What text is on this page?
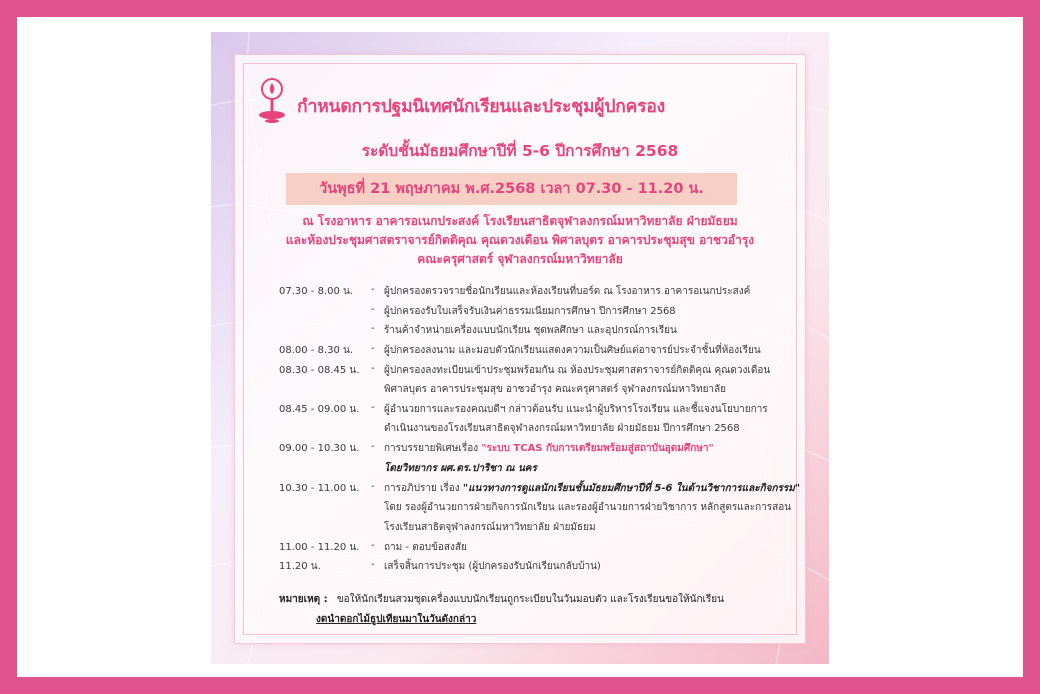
กำหนดการปฐมนิเทศนักเรียนและประชุมผู้ปกครอง
ระดับชั้นมัธยมศึกษาปีที่ 5-6 ปีการศึกษา 2568
วันพุธที่ 21 พฤษภาคม พ.ศ.2568 เวลา 07.30 - 11.20 น.
ณ โรงอาหาร อาคารอเนกประสงค์ โรงเรียนสาธิตจุฬาลงกรณ์มหาวิทยาลัย ฝ่ายมัธยม
และห้องประชุมศาสตราจารย์กิตติคุณ คุณดวงเดือน พิศาลบุตร อาคารประชุมสุข อาชวอำรุง
คณะครุศาสตร์ จุฬาลงกรณ์มหาวิทยาลัย
07.30 - 8.00 น. - ผู้ปกครองตรวจรายชื่อนักเรียนและห้องเรียนที่บอร์ด ณ โรงอาหาร อาคารอเนกประสงค์
- ผู้ปกครองรับใบเสร็จรับเงินค่าธรรมเนียมการศึกษา ปีการศึกษา 2568
- ร้านค้าจำหน่ายเครื่องแบบนักเรียน ชุดพลศึกษา และอุปกรณ์การเรียน
08.00 - 8.30 น. - ผู้ปกครองลงนาม และมอบตัวนักเรียนแสดงความเป็นศิษย์แด่อาจารย์ประจำชั้นที่ห้องเรียน
08.30 - 08.45 น. - ผู้ปกครองลงทะเบียนเข้าประชุมพร้อมกัน ณ ห้องประชุมศาสตราจารย์กิตติคุณ คุณดวงเดือน
พิศาลบุตร อาคารประชุมสุข อาชวอำรุง คณะครุศาสตร์ จุฬาลงกรณ์มหาวิทยาลัย
08.45 - 09.00 น. - ผู้อำนวยการและรองคณบดีฯ กล่าวต้อนรับ แนะนำผู้บริหารโรงเรียน และชี้แจงนโยบายการ
ดำเนินงานของโรงเรียนสาธิตจุฬาลงกรณ์มหาวิทยาลัย ฝ่ายมัธยม ปีการศึกษา 2568
09.00 - 10.30 น. - การบรรยายพิเศษเรื่อง "ระบบ TCAS กับการเตรียมพร้อมสู่สถาบันอุดมศึกษา"
โดยวิทยากร ผศ.ดร.ปาริชา ณ นคร
10.30 - 11.00 น. - การอภิปราย เรื่อง "แนวทางการดูแลนักเรียนชั้นมัธยมศึกษาปีที่ 5-6 ในด้านวิชาการและกิจกรรม"
โดย รองผู้อำนวยการฝ่ายกิจการนักเรียน และรองผู้อำนวยการฝ่ายวิชาการ หลักสูตรและการสอน
โรงเรียนสาธิตจุฬาลงกรณ์มหาวิทยาลัย ฝ่ายมัธยม
11.00 - 11.20 น. - ถาม - ตอบข้อสงสัย
11.20 น.	- เสร็จสิ้นการประชุม (ผู้ปกครองรับนักเรียนกลับบ้าน)
หมายเหตุ : ขอให้นักเรียนสวมชุดเครื่องแบบนักเรียนถูกระเบียบในวันมอบตัว และโรงเรียนขอให้นักเรียน
งดนำดอกไม้ธูปเทียนมาในวันดังกล่าว
